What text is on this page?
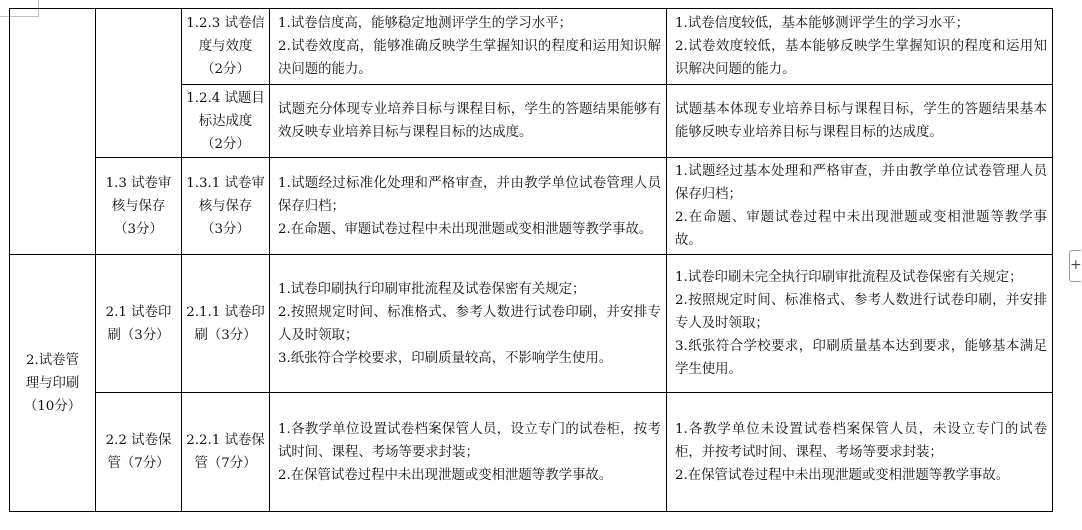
		1.2.3 试卷信
度与效度
（2分）	1.试卷信度高，能够稳定地测评学生的学习水平；
2.试卷效度高，能够准确反映学生掌握知识的程度和运用知识解决问题的能力。	1.试卷信度较低，基本能够测评学生的学习水平；
2.试卷效度较低，基本能够反映学生掌握知识的程度和运用知识解决问题的能力。

		1.2.4 试题目
标达成度
（2分）	试题充分体现专业培养目标与课程目标，学生的答题结果能够有效反映专业培养目标与课程目标的达成度。	试题基本体现专业培养目标与课程目标，学生的答题结果基本能够反映专业培养目标与课程目标的达成度。

	1.3 试卷审
核与保存
（3分）	1.3.1 试卷审
核与保存
（3分）	1.试题经过标准化处理和严格审查，并由教学单位试卷管理人员保存归档；
2.在命题、审题试卷过程中未出现泄题或变相泄题等教学事故。	1.试题经过基本处理和严格审查，并由教学单位试卷管理人员保存归档；
2.在命题、审题试卷过程中未出现泄题或变相泄题等教学事故。

2.试卷管
理与印刷
（10分）	2.1 试卷印
刷（3分）	2.1.1 试卷印
刷（3分）	1.试卷印刷执行印刷审批流程及试卷保密有关规定；
2.按照规定时间、标准格式、参考人数进行试卷印刷，并安排专人及时领取；
3.纸张符合学校要求，印刷质量较高，不影响学生使用。	1.试卷印刷未完全执行印刷审批流程及试卷保密有关规定；
2.按照规定时间、标准格式、参考人数进行试卷印刷，并安排专人及时领取；
3.纸张符合学校要求，印刷质量基本达到要求，能够基本满足学生使用。

	2.2 试卷保
管（7分）	2.2.1 试卷保
管（7分）	1.各教学单位设置试卷档案保管人员，设立专门的试卷柜，按考试时间、课程、考场等要求封装；
2.在保管试卷过程中未出现泄题或变相泄题等教学事故。	1.各教学单位未设置试卷档案保管人员，未设立专门的试卷柜，并按考试时间、课程、考场等要求封装；
2.在保管试卷过程中未出现泄题或变相泄题等教学事故。
+
